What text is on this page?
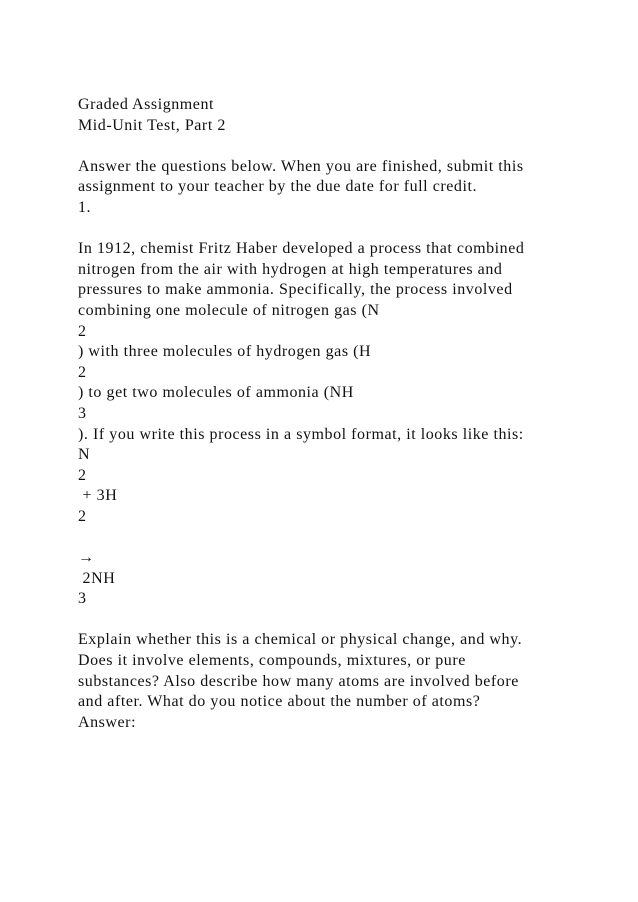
Graded Assignment
Mid-Unit Test, Part 2
Answer the questions below. When you are finished, submit this
assignment to your teacher by the due date for full credit.
1.
In 1912, chemist Fritz Haber developed a process that combined
nitrogen from the air with hydrogen at high temperatures and
pressures to make ammonia. Specifically, the process involved
combining one molecule of nitrogen gas (N
2
) with three molecules of hydrogen gas (H
2
) to get two molecules of ammonia (NH
3
). If you write this process in a symbol format, it looks like this:
N
2
+ 3H
2
→
2NH
3
Explain whether this is a chemical or physical change, and why.
Does it involve elements, compounds, mixtures, or pure
substances? Also describe how many atoms are involved before
and after. What do you notice about the number of atoms?
Answer:
